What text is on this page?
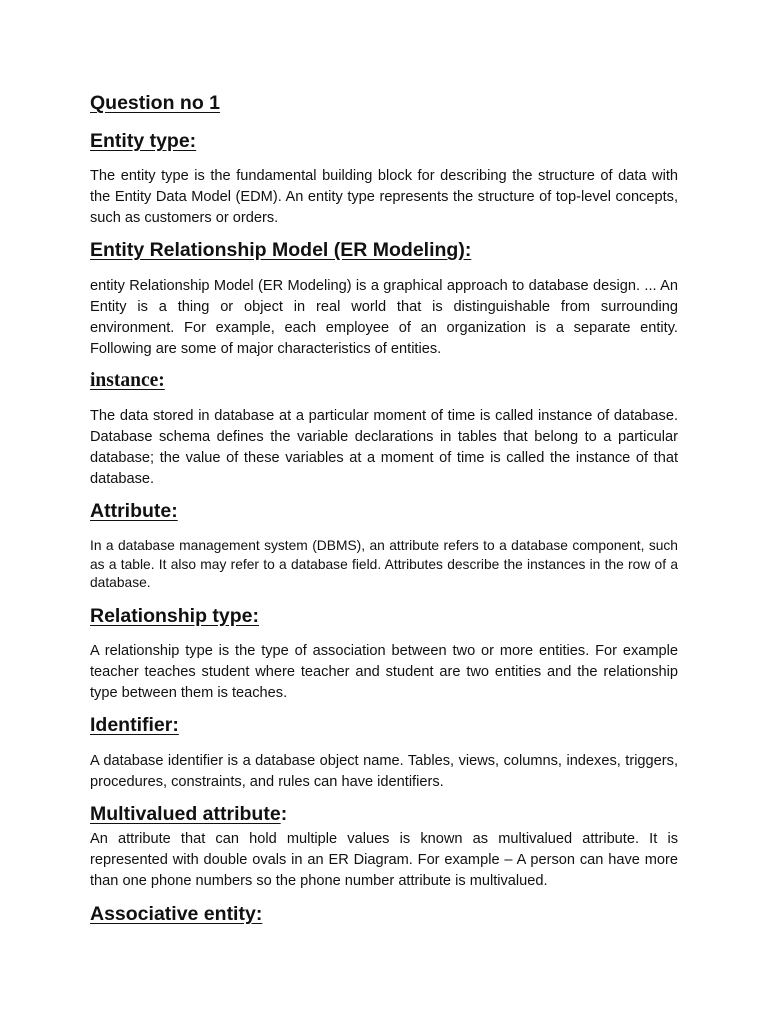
Question no 1
Entity type:

The entity type is the fundamental building block for describing the structure of data with the Entity Data Model (EDM). An entity type represents the structure of top-level concepts, such as customers or orders.

Entity Relationship Model (ER Modeling):

entity Relationship Model (ER Modeling) is a graphical approach to database design. ... An Entity is a thing or object in real world that is distinguishable from surrounding environment. For example, each employee of an organization is a separate entity. Following are some of major characteristics of entities.

instance:

The data stored in database at a particular moment of time is called instance of database. Database schema defines the variable declarations in tables that belong to a particular database; the value of these variables at a moment of time is called the instance of that database.

Attribute:

In a database management system (DBMS), an attribute refers to a database component, such as a table. It also may refer to a database field. Attributes describe the instances in the row of a database.

Relationship type:

A relationship type is the type of association between two or more entities. For example teacher teaches student where teacher and student are two entities and the relationship type between them is teaches.

Identifier:

A database identifier is a database object name. Tables, views, columns, indexes, triggers, procedures, constraints, and rules can have identifiers.

Multivalued attribute:

An attribute that can hold multiple values is known as multivalued attribute. It is represented with double ovals in an ER Diagram. For example – A person can have more than one phone numbers so the phone number attribute is multivalued.

Associative entity:
